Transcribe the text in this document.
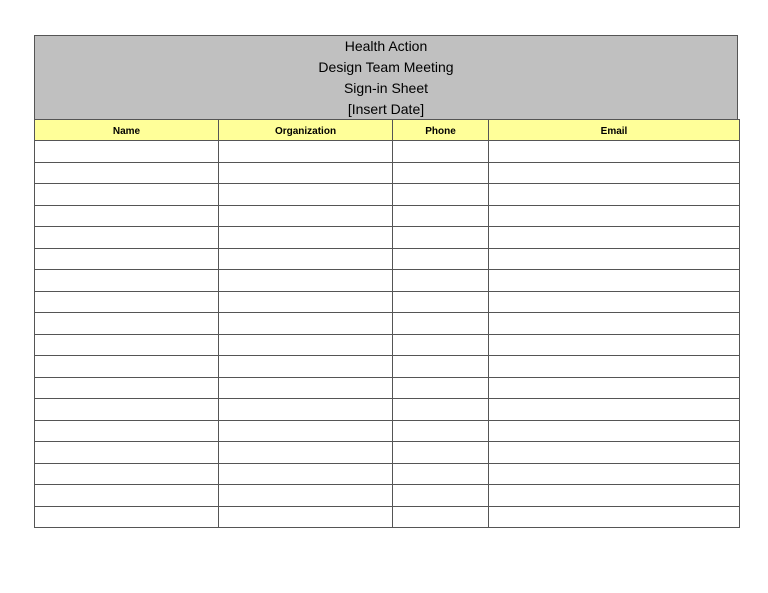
Health Action
Design Team Meeting
Sign-in Sheet
[Insert Date]
Name	Organization	Phone	Email
